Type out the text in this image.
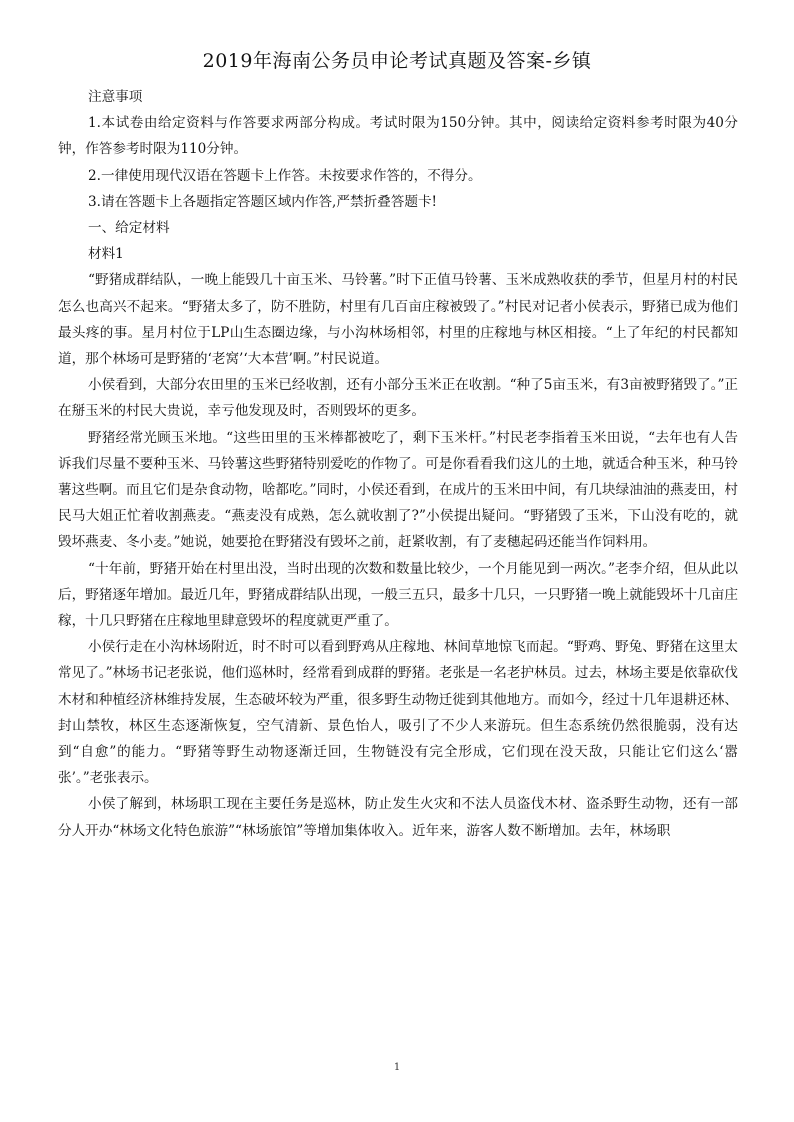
2019年海南公务员申论考试真题及答案-乡镇

注意事项

1.本试卷由给定资料与作答要求两部分构成。考试时限为150分钟。其中，阅读给定资料参考时限为40分钟，作答参考时限为110分钟。

2.一律使用现代汉语在答题卡上作答。未按要求作答的，不得分。

3.请在答题卡上各题指定答题区域内作答,严禁折叠答题卡!

一、给定材料

材料1

“野猪成群结队，一晚上能毁几十亩玉米、马铃薯。”时下正值马铃薯、玉米成熟收获的季节，但星月村的村民怎么也高兴不起来。“野猪太多了，防不胜防，村里有几百亩庄稼被毁了。”村民对记者小侯表示，野猪已成为他们最头疼的事。星月村位于LP山生态圈边缘，与小沟林场相邻，村里的庄稼地与林区相接。“上了年纪的村民都知道，那个林场可是野猪的‘老窝’‘大本营’啊。”村民说道。

小侯看到，大部分农田里的玉米已经收割，还有小部分玉米正在收割。“种了5亩玉米，有3亩被野猪毁了。”正在掰玉米的村民大贵说，幸亏他发现及时，否则毁坏的更多。

野猪经常光顾玉米地。“这些田里的玉米棒都被吃了，剩下玉米杆。”村民老李指着玉米田说，“去年也有人告诉我们尽量不要种玉米、马铃薯这些野猪特别爱吃的作物了。可是你看看我们这儿的土地，就适合种玉米，种马铃薯这些啊。而且它们是杂食动物，啥都吃。”同时，小侯还看到，在成片的玉米田中间，有几块绿油油的燕麦田，村民马大姐正忙着收割燕麦。“燕麦没有成熟，怎么就收割了?”小侯提出疑问。“野猪毁了玉米，下山没有吃的，就毁坏燕麦、冬小麦。”她说，她要抢在野猪没有毁坏之前，赶紧收割，有了麦穗起码还能当作饲料用。

“十年前，野猪开始在村里出没，当时出现的次数和数量比较少，一个月能见到一两次。”老李介绍，但从此以后，野猪逐年增加。最近几年，野猪成群结队出现，一般三五只，最多十几只，一只野猪一晚上就能毁坏十几亩庄稼，十几只野猪在庄稼地里肆意毁坏的程度就更严重了。

小侯行走在小沟林场附近，时不时可以看到野鸡从庄稼地、林间草地惊飞而起。“野鸡、野兔、野猪在这里太常见了。”林场书记老张说，他们巡林时，经常看到成群的野猪。老张是一名老护林员。过去，林场主要是依靠砍伐木材和种植经济林维持发展，生态破坏较为严重，很多野生动物迁徙到其他地方。而如今，经过十几年退耕还林、封山禁牧，林区生态逐渐恢复，空气清新、景色怡人，吸引了不少人来游玩。但生态系统仍然很脆弱，没有达到“自愈”的能力。“野猪等野生动物逐渐迁回，生物链没有完全形成，它们现在没天敌，只能让它们这么‘嚣张’。”老张表示。

小侯了解到，林场职工现在主要任务是巡林，防止发生火灾和不法人员盗伐木材、盗杀野生动物，还有一部分人开办“林场文化特色旅游”“林场旅馆”等增加集体收入。近年来，游客人数不断增加。去年，林场职

1
